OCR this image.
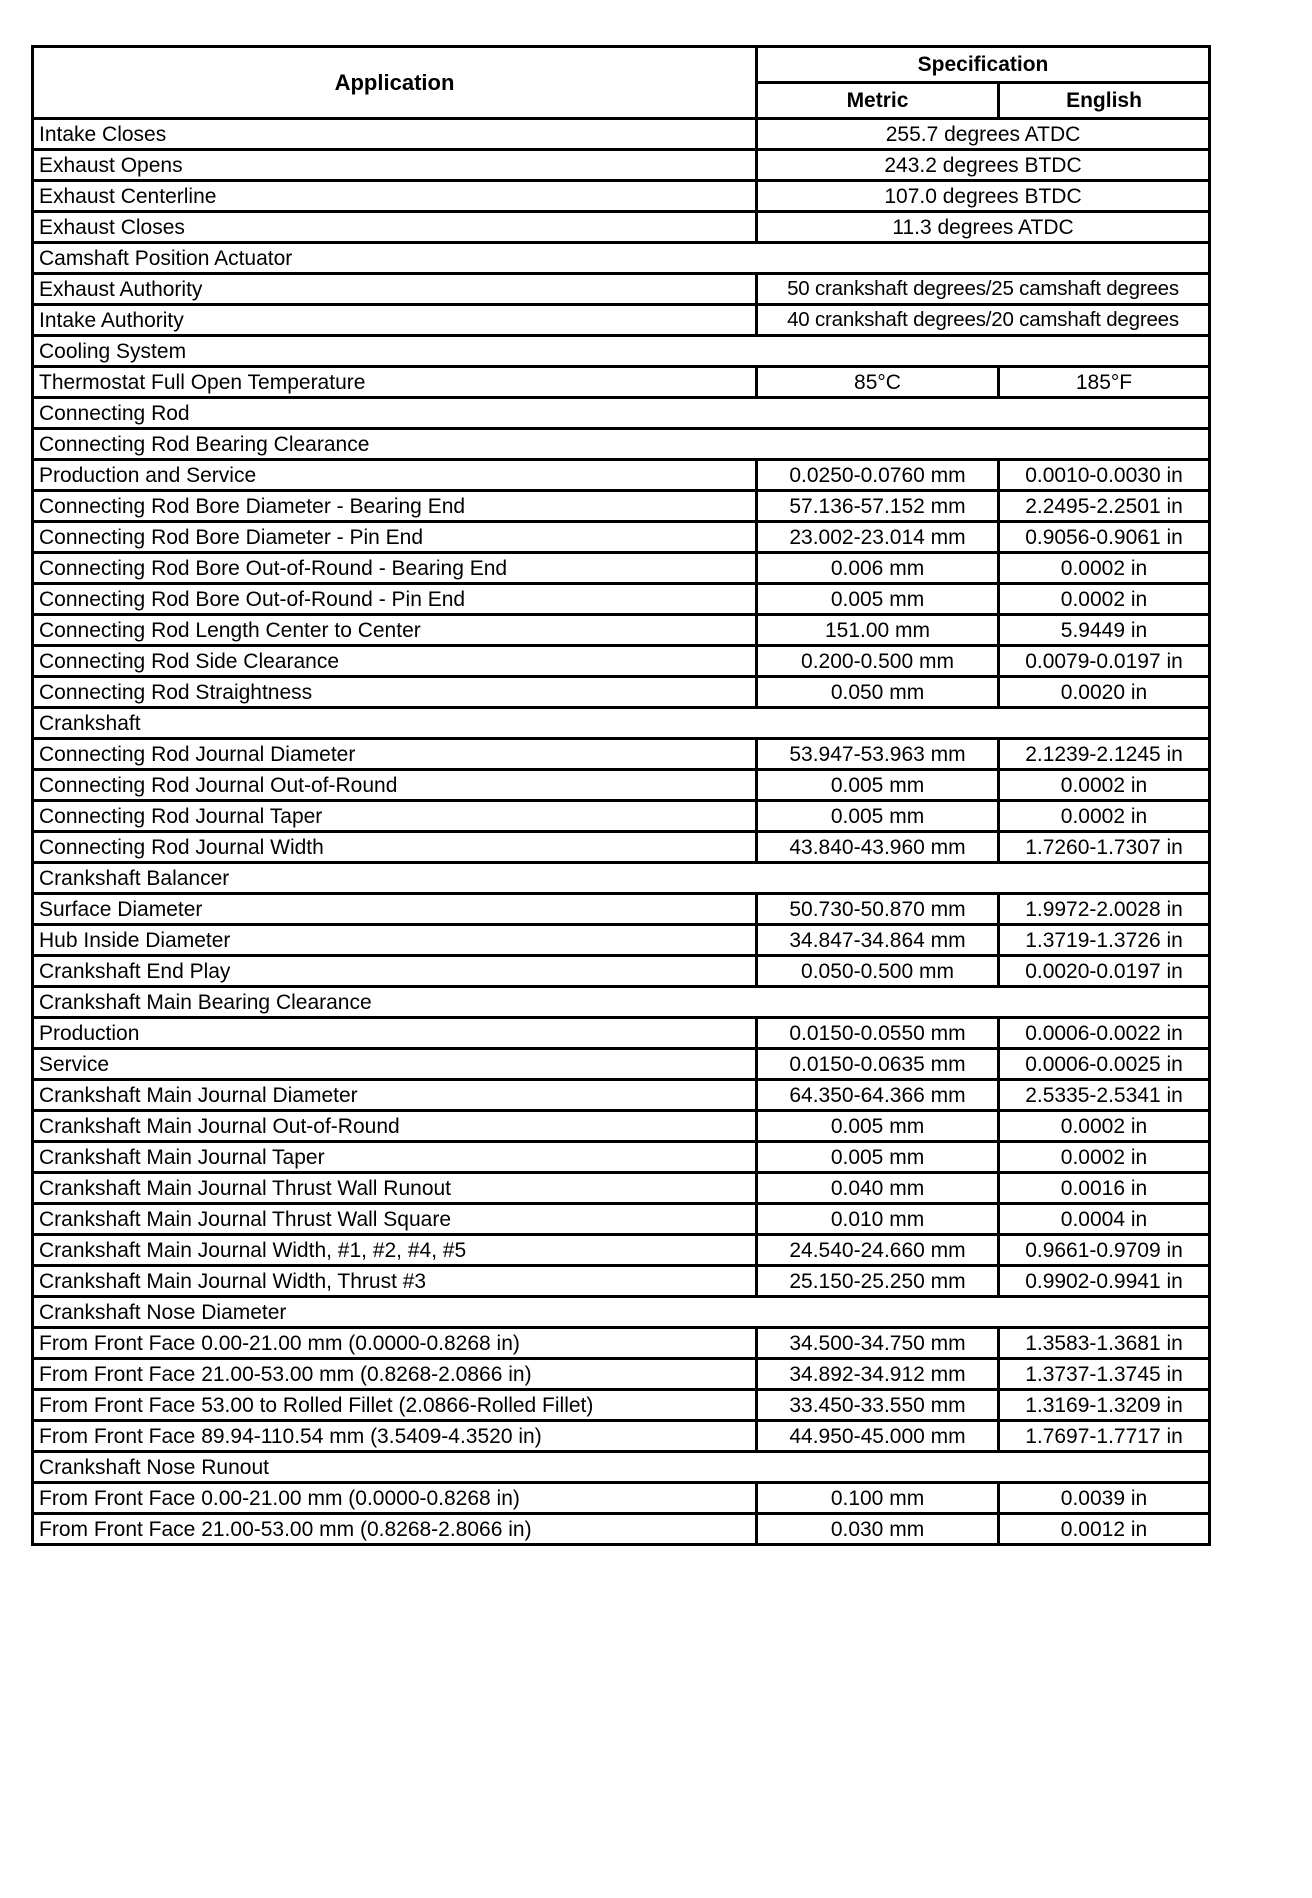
Application	Specification	
	Metric	English
Intake Closes	255.7 degrees ATDC	
Exhaust Opens	243.2 degrees BTDC	
Exhaust Centerline	107.0 degrees BTDC	
Exhaust Closes	11.3 degrees ATDC	
Camshaft Position Actuator		
Exhaust Authority	50 crankshaft degrees/25 camshaft degrees	
Intake Authority	40 crankshaft degrees/20 camshaft degrees	
Cooling System		
Thermostat Full Open Temperature	85°C	185°F
Connecting Rod		
Connecting Rod Bearing Clearance		
Production and Service	0.0250-0.0760 mm	0.0010-0.0030 in
Connecting Rod Bore Diameter - Bearing End	57.136-57.152 mm	2.2495-2.2501 in
Connecting Rod Bore Diameter - Pin End	23.002-23.014 mm	0.9056-0.9061 in
Connecting Rod Bore Out-of-Round - Bearing End	0.006 mm	0.0002 in
Connecting Rod Bore Out-of-Round - Pin End	0.005 mm	0.0002 in
Connecting Rod Length Center to Center	151.00 mm	5.9449 in
Connecting Rod Side Clearance	0.200-0.500 mm	0.0079-0.0197 in
Connecting Rod Straightness	0.050 mm	0.0020 in
Crankshaft		
Connecting Rod Journal Diameter	53.947-53.963 mm	2.1239-2.1245 in
Connecting Rod Journal Out-of-Round	0.005 mm	0.0002 in
Connecting Rod Journal Taper	0.005 mm	0.0002 in
Connecting Rod Journal Width	43.840-43.960 mm	1.7260-1.7307 in
Crankshaft Balancer		
Surface Diameter	50.730-50.870 mm	1.9972-2.0028 in
Hub Inside Diameter	34.847-34.864 mm	1.3719-1.3726 in
Crankshaft End Play	0.050-0.500 mm	0.0020-0.0197 in
Crankshaft Main Bearing Clearance		
Production	0.0150-0.0550 mm	0.0006-0.0022 in
Service	0.0150-0.0635 mm	0.0006-0.0025 in
Crankshaft Main Journal Diameter	64.350-64.366 mm	2.5335-2.5341 in
Crankshaft Main Journal Out-of-Round	0.005 mm	0.0002 in
Crankshaft Main Journal Taper	0.005 mm	0.0002 in
Crankshaft Main Journal Thrust Wall Runout	0.040 mm	0.0016 in
Crankshaft Main Journal Thrust Wall Square	0.010 mm	0.0004 in
Crankshaft Main Journal Width, #1, #2, #4, #5	24.540-24.660 mm	0.9661-0.9709 in
Crankshaft Main Journal Width, Thrust #3	25.150-25.250 mm	0.9902-0.9941 in
Crankshaft Nose Diameter		
From Front Face 0.00-21.00 mm (0.0000-0.8268 in)	34.500-34.750 mm	1.3583-1.3681 in
From Front Face 21.00-53.00 mm (0.8268-2.0866 in)	34.892-34.912 mm	1.3737-1.3745 in
From Front Face 53.00 to Rolled Fillet (2.0866-Rolled Fillet)	33.450-33.550 mm	1.3169-1.3209 in
From Front Face 89.94-110.54 mm (3.5409-4.3520 in)	44.950-45.000 mm	1.7697-1.7717 in
Crankshaft Nose Runout		
From Front Face 0.00-21.00 mm (0.0000-0.8268 in)	0.100 mm	0.0039 in
From Front Face 21.00-53.00 mm (0.8268-2.8066 in)	0.030 mm	0.0012 in
